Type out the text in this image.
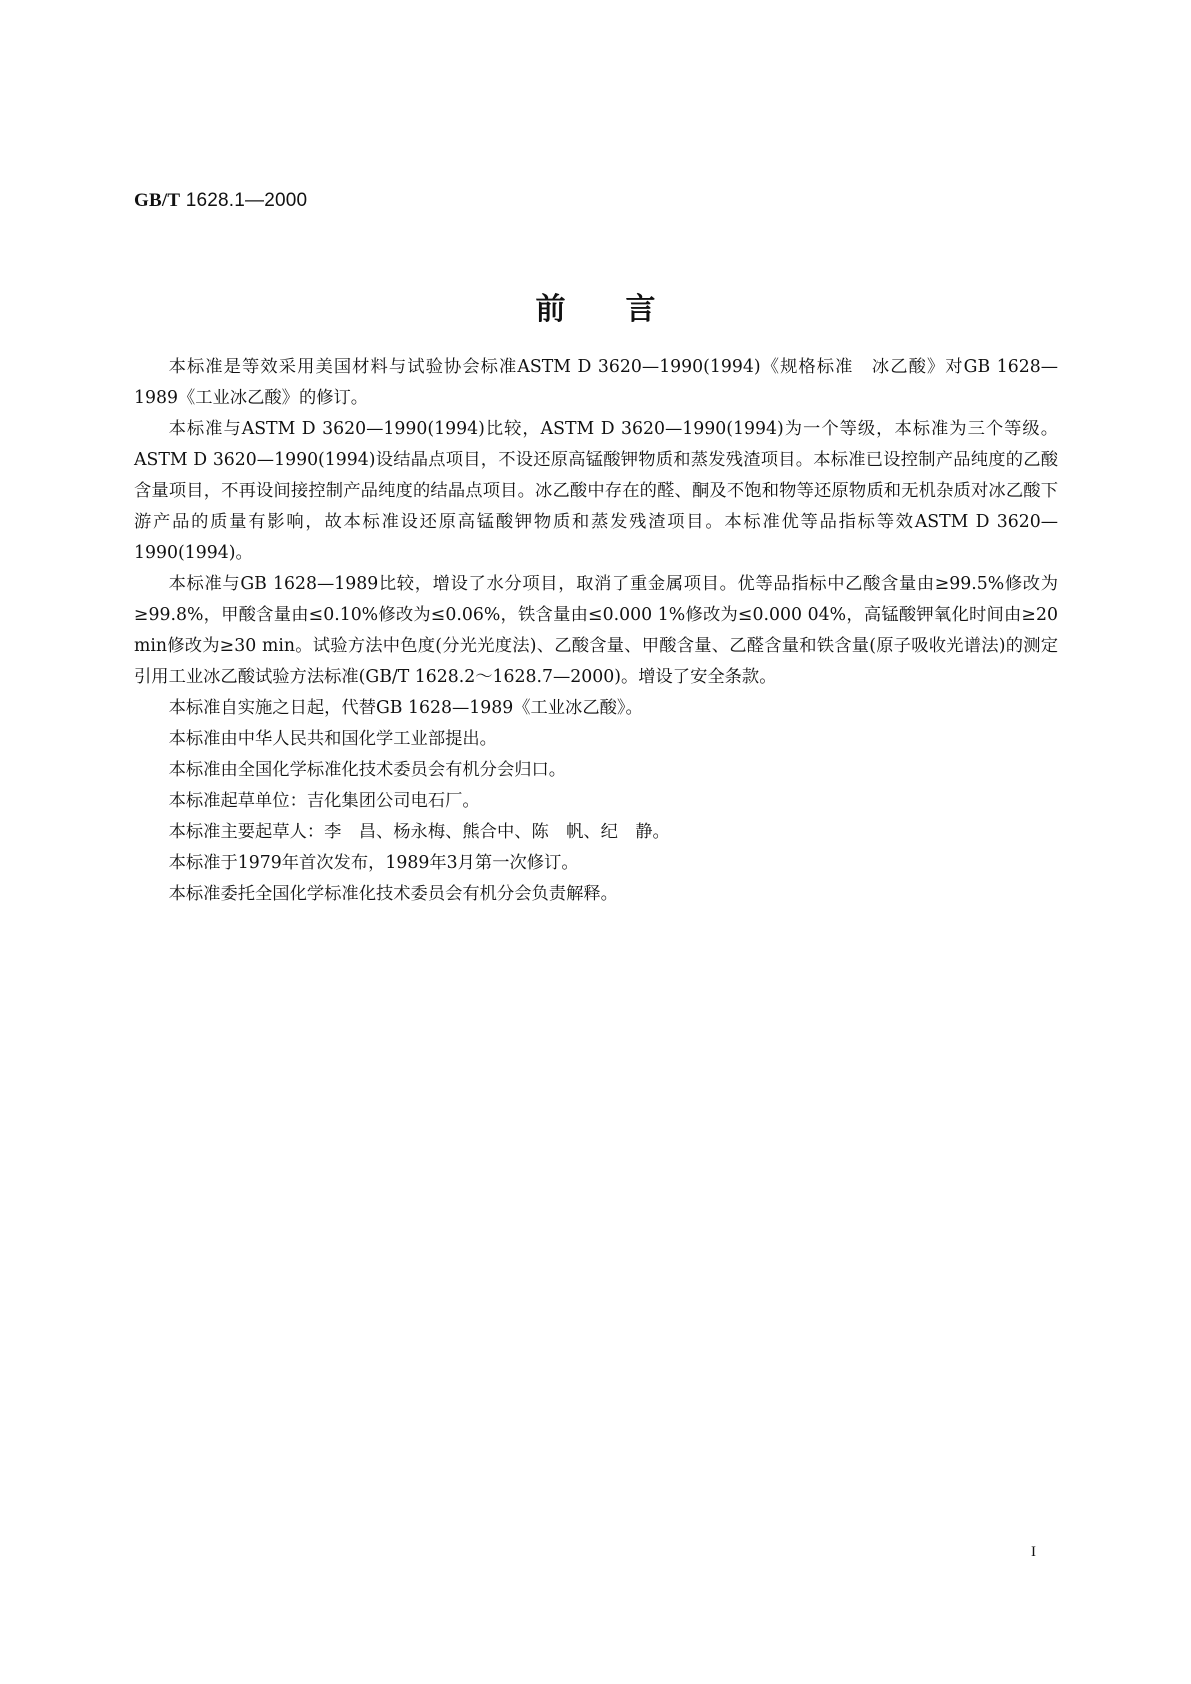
GB/T 1628.1—2000
前言

本标准是等效采用美国材料与试验协会标准ASTM D 3620—1990(1994)《规格标准　冰乙酸》对GB 1628—1989《工业冰乙酸》的修订。

本标准与ASTM D 3620—1990(1994)比较，ASTM D 3620—1990(1994)为一个等级，本标准为三个等级。ASTM D 3620—1990(1994)设结晶点项目，不设还原高锰酸钾物质和蒸发残渣项目。本标准已设控制产品纯度的乙酸含量项目，不再设间接控制产品纯度的结晶点项目。冰乙酸中存在的醛、酮及不饱和物等还原物质和无机杂质对冰乙酸下游产品的质量有影响，故本标准设还原高锰酸钾物质和蒸发残渣项目。本标准优等品指标等效ASTM D 3620—1990(1994)。

本标准与GB 1628—1989比较，增设了水分项目，取消了重金属项目。优等品指标中乙酸含量由≥99.5%修改为≥99.8%，甲酸含量由≤0.10%修改为≤0.06%，铁含量由≤0.000 1%修改为≤0.000 04%，高锰酸钾氧化时间由≥20 min修改为≥30 min。试验方法中色度(分光光度法)、乙酸含量、甲酸含量、乙醛含量和铁含量(原子吸收光谱法)的测定引用工业冰乙酸试验方法标准(GB/T 1628.2～1628.7—2000)。增设了安全条款。

本标准自实施之日起，代替GB 1628—1989《工业冰乙酸》。

本标准由中华人民共和国化学工业部提出。

本标准由全国化学标准化技术委员会有机分会归口。

本标准起草单位：吉化集团公司电石厂。

本标准主要起草人：李　昌、杨永梅、熊合中、陈　帆、纪　静。

本标准于1979年首次发布，1989年3月第一次修订。

本标准委托全国化学标准化技术委员会有机分会负责解释。

I
